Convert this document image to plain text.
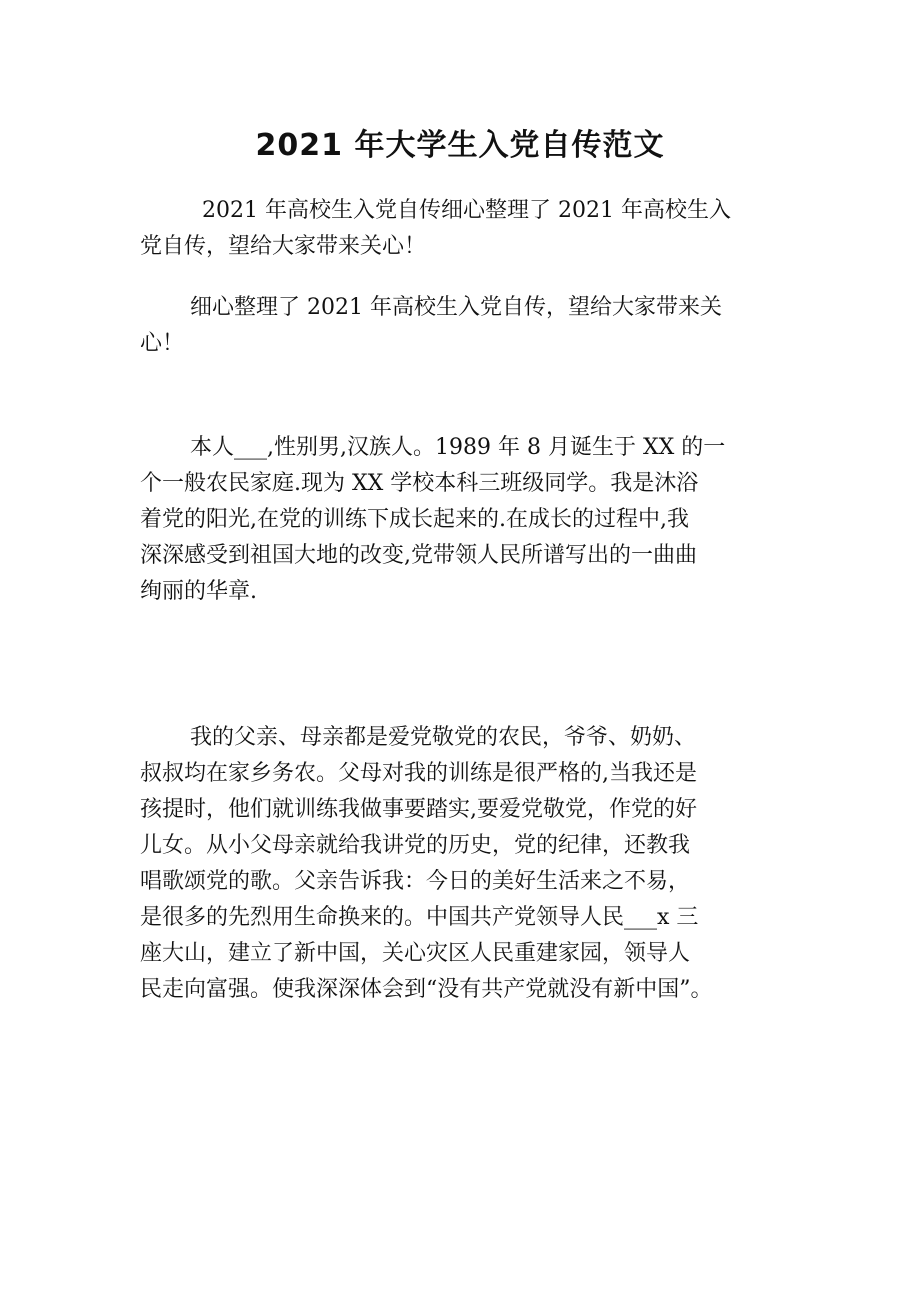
2021 年大学生入党自传范文
2021 年高校生入党自传细心整理了 2021 年高校生入
党自传，望给大家带来关心！
细心整理了 2021 年高校生入党自传，望给大家带来关
心！
本人___,性别男,汉族人。1989 年 8 月诞生于 XX 的一
个一般农民家庭.现为 XX 学校本科三班级同学。我是沐浴
着党的阳光,在党的训练下成长起来的.在成长的过程中,我
深深感受到祖国大地的改变,党带领人民所谱写出的一曲曲
绚丽的华章.
我的父亲、母亲都是爱党敬党的农民，爷爷、奶奶、
叔叔均在家乡务农。父母对我的训练是很严格的,当我还是
孩提时，他们就训练我做事要踏实,要爱党敬党，作党的好
儿女。从小父母亲就给我讲党的历史，党的纪律，还教我
唱歌颂党的歌。父亲告诉我：今日的美好生活来之不易，
是很多的先烈用生命换来的。中国共产党领导人民___x 三
座大山，建立了新中国，关心灾区人民重建家园，领导人
民走向富强。使我深深体会到“没有共产党就没有新中国”。
